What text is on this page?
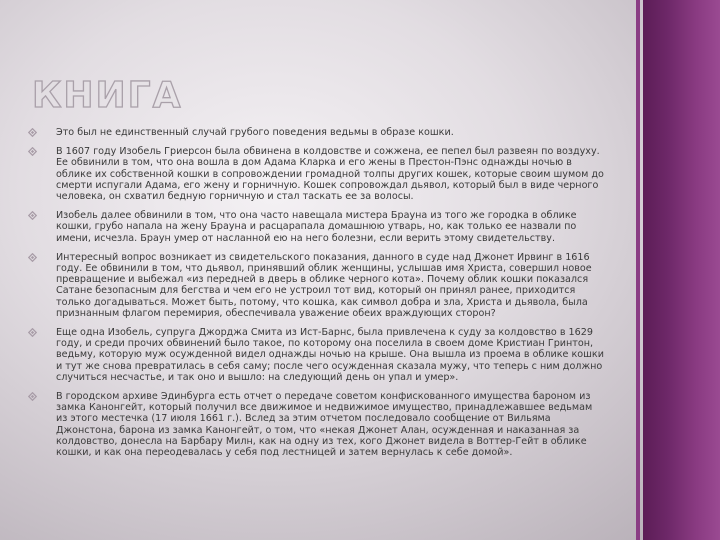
КНИГА
Это был не единственный случай грубого поведения ведьмы в образе кошки.
В 1607 году Изобель Гриерсон была обвинена в колдовстве и сожжена, ее пепел был развеян по воздуху. Ее обвинили в том, что она вошла в дом Адама Кларка и его жены в Престон-Пэнс однажды ночью в облике их собственной кошки в сопровождении громадной толпы других кошек, которые своим шумом до смерти испугали Адама, его жену и горничную. Кошек сопровождал дьявол, который был в виде черного человека, он схватил бедную горничную и стал таскать ее за волосы.
Изобель далее обвинили в том, что она часто навещала мистера Брауна из того же городка в облике кошки, грубо напала на жену Брауна и расцарапала домашнюю утварь, но, как только ее назвали по имени, исчезла. Браун умер от насланной ею на него болезни, если верить этому свидетельству.
Интересный вопрос возникает из свидетельского показания, данного в суде над Джонет Ирвинг в 1616 году. Ее обвинили в том, что дьявол, принявший облик женщины, услышав имя Христа, совершил новое превращение и выбежал «из передней в дверь в облике черного кота». Почему облик кошки показался Сатане безопасным для бегства и чем его не устроил тот вид, который он принял ранее, приходится только догадываться. Может быть, потому, что кошка, как символ добра и зла, Христа и дьявола, была признанным флагом перемирия, обеспечивала уважение обеих враждующих сторон?
Еще одна Изобель, супруга Джорджа Смита из Ист-Барнс, была привлечена к суду за колдовство в 1629 году, и среди прочих обвинений было такое, по которому она поселила в своем доме Кристиан Гринтон, ведьму, которую муж осужденной видел однажды ночью на крыше. Она вышла из проема в облике кошки и тут же снова превратилась в себя саму; после чего осужденная сказала мужу, что теперь с ним должно случиться несчастье, и так оно и вышло: на следующий день он упал и умер».
В городском архиве Эдинбурга есть отчет о передаче советом конфискованного имущества бароном из замка Канонгейт, который получил все движимое и недвижимое имущество, принадлежавшее ведьмам из этого местечка (17 июля 1661 г.). Вслед за этим отчетом последовало сообщение от Вильяма Джонстона, барона из замка Канонгейт, о том, что «некая Джонет Алан, осужденная и наказанная за колдовство, донесла на Барбару Милн, как на одну из тех, кого Джонет видела в Воттер-Гейт в облике кошки, и как она переодевалась у себя под лестницей и затем вернулась к себе домой».
